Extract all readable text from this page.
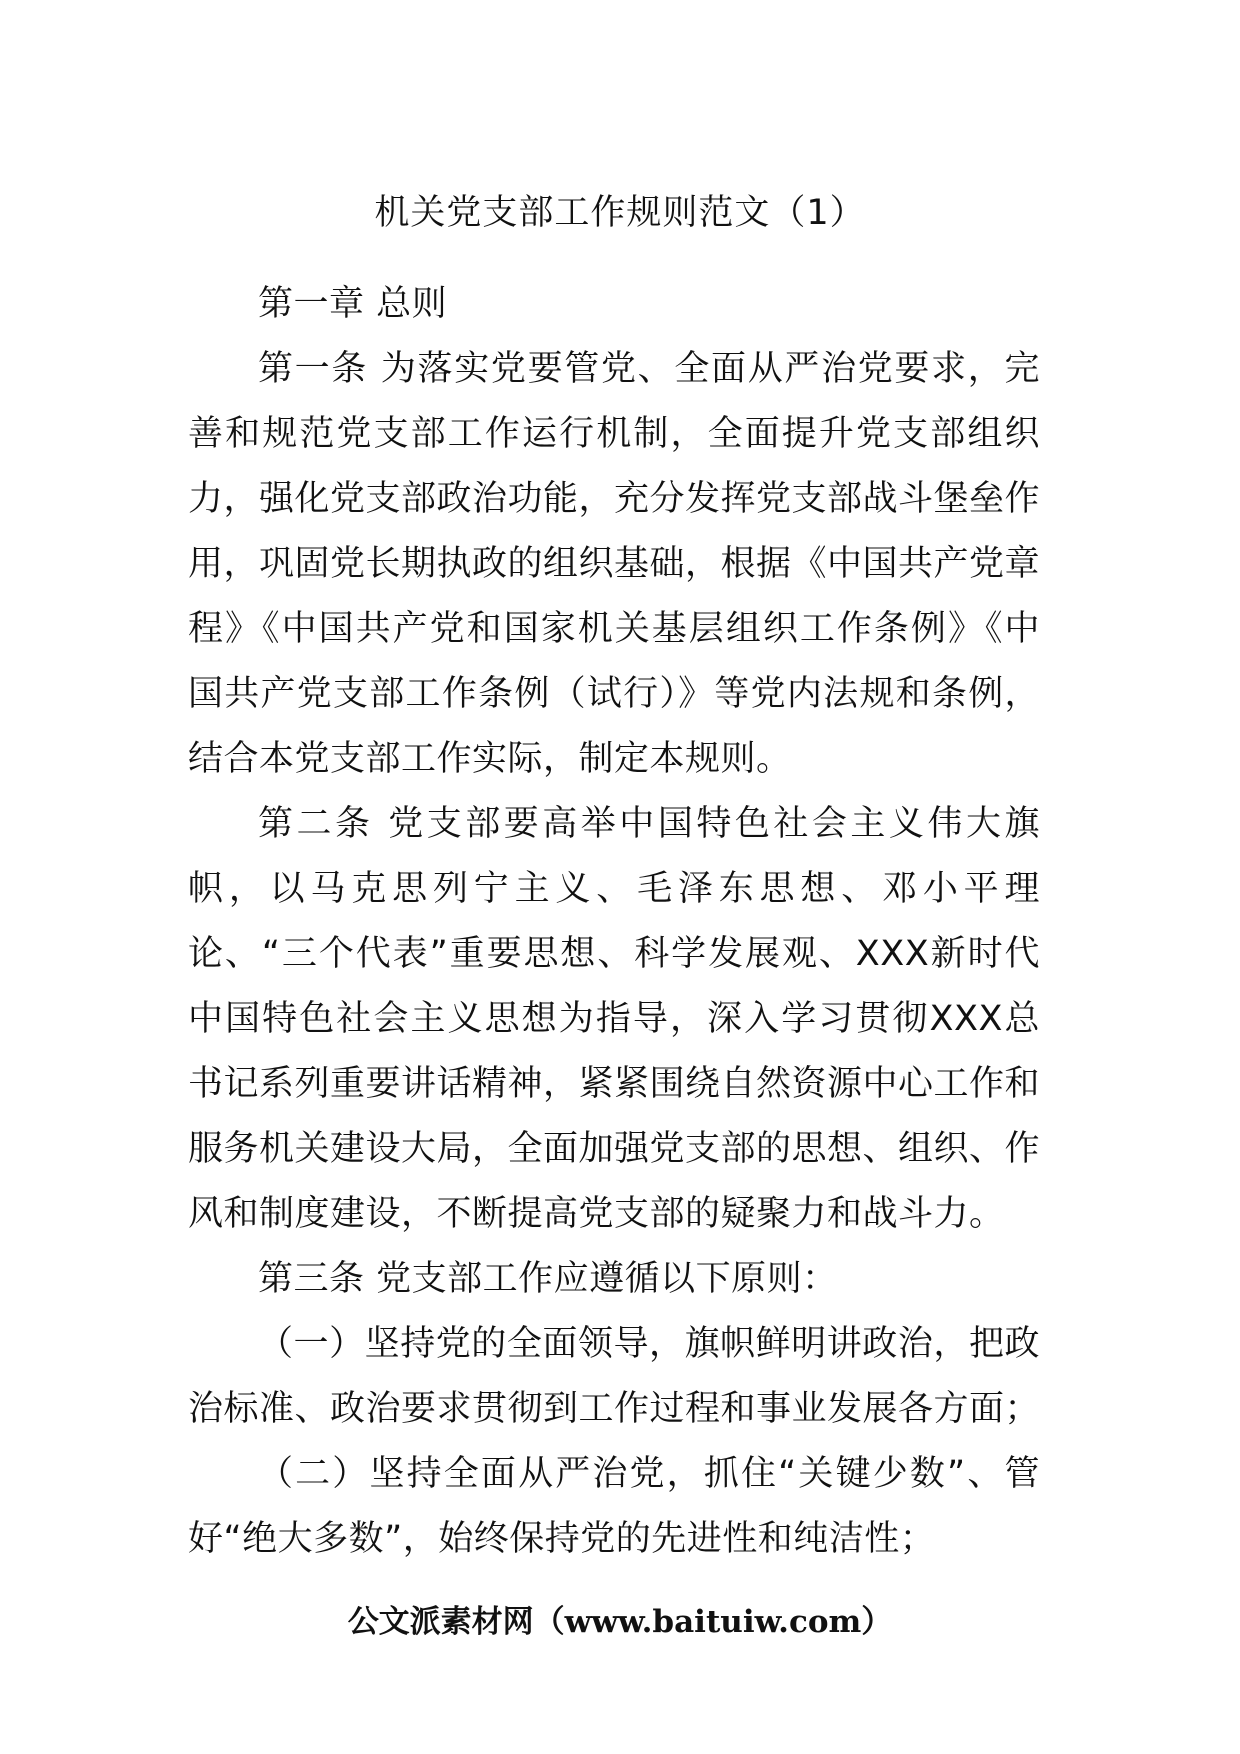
机关党支部工作规则范文（1）

第一章 总则

第一条 为落实党要管党、全面从严治党要求，完善和规范党支部工作运行机制，全面提升党支部组织力，强化党支部政治功能，充分发挥党支部战斗堡垒作用，巩固党长期执政的组织基础，根据《中国共产党章程》《中国共产党和国家机关基层组织工作条例》《中国共产党支部工作条例（试行）》等党内法规和条例，结合本党支部工作实际，制定本规则。

第二条 党支部要高举中国特色社会主义伟大旗帜，以马克思列宁主义、毛泽东思想、邓小平理论、“三个代表”重要思想、科学发展观、XXX新时代中国特色社会主义思想为指导，深入学习贯彻XXX总书记系列重要讲话精神，紧紧围绕自然资源中心工作和服务机关建设大局，全面加强党支部的思想、组织、作风和制度建设，不断提高党支部的疑聚力和战斗力。

第三条 党支部工作应遵循以下原则：

（一）坚持党的全面领导，旗帜鲜明讲政治，把政治标准、政治要求贯彻到工作过程和事业发展各方面；

（二）坚持全面从严治党，抓住“关键少数”、管好“绝大多数”，始终保持党的先进性和纯洁性；

公文派素材网（www.baituiw.com）
